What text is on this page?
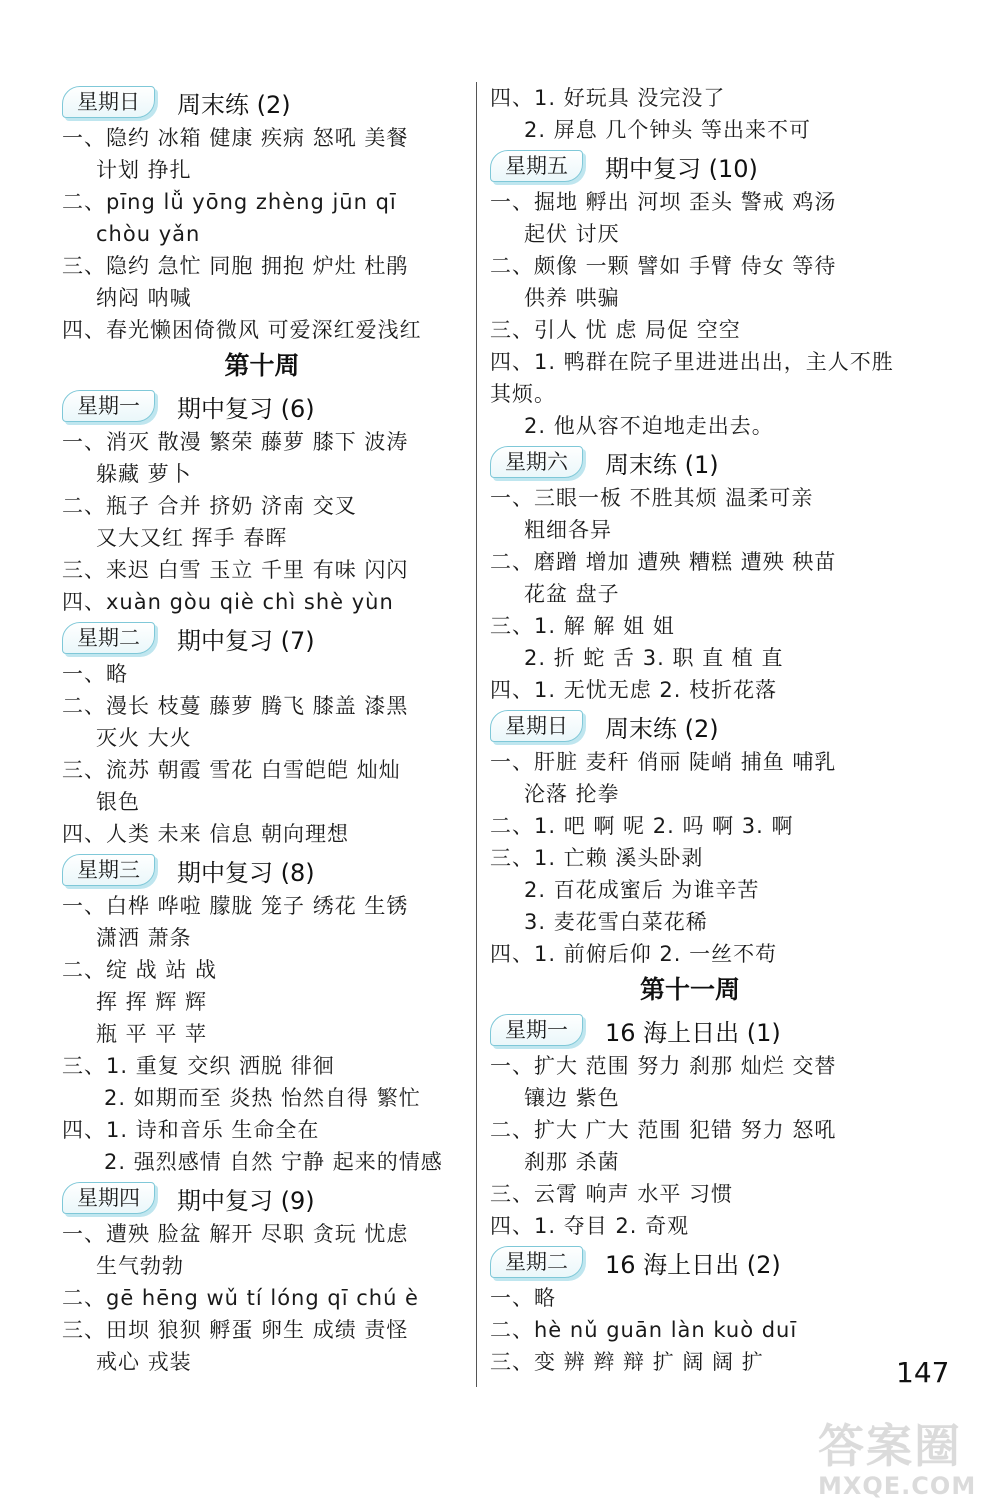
星期日	周末练 (2)
一、隐约 冰箱 健康 疾病 怒吼 美餐
计划 挣扎
二、pīng lǚ yōng zhèng jūn qī
chòu yǎn
三、隐约 急忙 同胞 拥抱 炉灶 杜鹃
纳闷 呐喊
四、春光懒困倚微风 可爱深红爱浅红
第十周
星期一	期中复习 (6)
一、消灭 散漫 繁荣 藤萝 膝下 波涛
躲藏 萝卜
二、瓶子 合并 挤奶 济南 交叉
又大又红 挥手 春晖
三、来迟 白雪 玉立 千里 有味 闪闪
四、xuàn gòu qiè chì shè yùn
星期二	期中复习 (7)
一、略
二、漫长 枝蔓 藤萝 腾飞 膝盖 漆黑
灭火 大火
三、流苏 朝霞 雪花 白雪皑皑 灿灿
银色
四、人类 未来 信息 朝向理想
星期三	期中复习 (8)
一、白桦 哗啦 朦胧 笼子 绣花 生锈
潇洒 萧条
二、绽 战 站 战
挥 挥 辉 辉
瓶 平 平 苹
三、1. 重复 交织 洒脱 徘徊
2. 如期而至 炎热 怡然自得 繁忙
四、1. 诗和音乐 生命全在
2. 强烈感情 自然 宁静 起来的情感
星期四	期中复习 (9)
一、遭殃 脸盆 解开 尽职 贪玩 忧虑
生气勃勃
二、gē hēng wǔ tí lóng qī chú è
三、田坝 狼狈 孵蛋 卵生 成绩 责怪
戒心 戎装
四、1. 好玩具 没完没了
2. 屏息 几个钟头 等出来不可
星期五	期中复习 (10)
一、掘地 孵出 河坝 歪头 警戒 鸡汤
起伏 讨厌
二、颇像 一颗 譬如 手臂 侍女 等待
供养 哄骗
三、引人 忧 虑 局促 空空
四、1. 鸭群在院子里进进出出，主人不胜
其烦。
2. 他从容不迫地走出去。
星期六	周末练 (1)
一、三眼一板 不胜其烦 温柔可亲
粗细各异
二、磨蹭 增加 遭殃 糟糕 遭殃 秧苗
花盆 盘子
三、1. 解 解 姐 姐
2. 折 蛇 舌 3. 职 直 植 直
四、1. 无忧无虑 2. 枝折花落
星期日	周末练 (2)
一、肝脏 麦秆 俏丽 陡峭 捕鱼 哺乳
沦落 抡拳
二、1. 吧 啊 呢 2. 吗 啊 3. 啊
三、1. 亡赖 溪头卧剥
2. 百花成蜜后 为谁辛苦
3. 麦花雪白菜花稀
四、1. 前俯后仰 2. 一丝不苟
第十一周
星期一	16 海上日出 (1)
一、扩大 范围 努力 刹那 灿烂 交替
镶边 紫色
二、扩大 广大 范围 犯错 努力 怒吼
刹那 杀菌
三、云霄 响声 水平 习惯
四、1. 夺目 2. 奇观
星期二	16 海上日出 (2)
一、略
二、hè nǔ guān làn kuò duī
三、变 辨 辫 辩 扩 阔 阔 扩	147
答案圈
MXQE.COM
